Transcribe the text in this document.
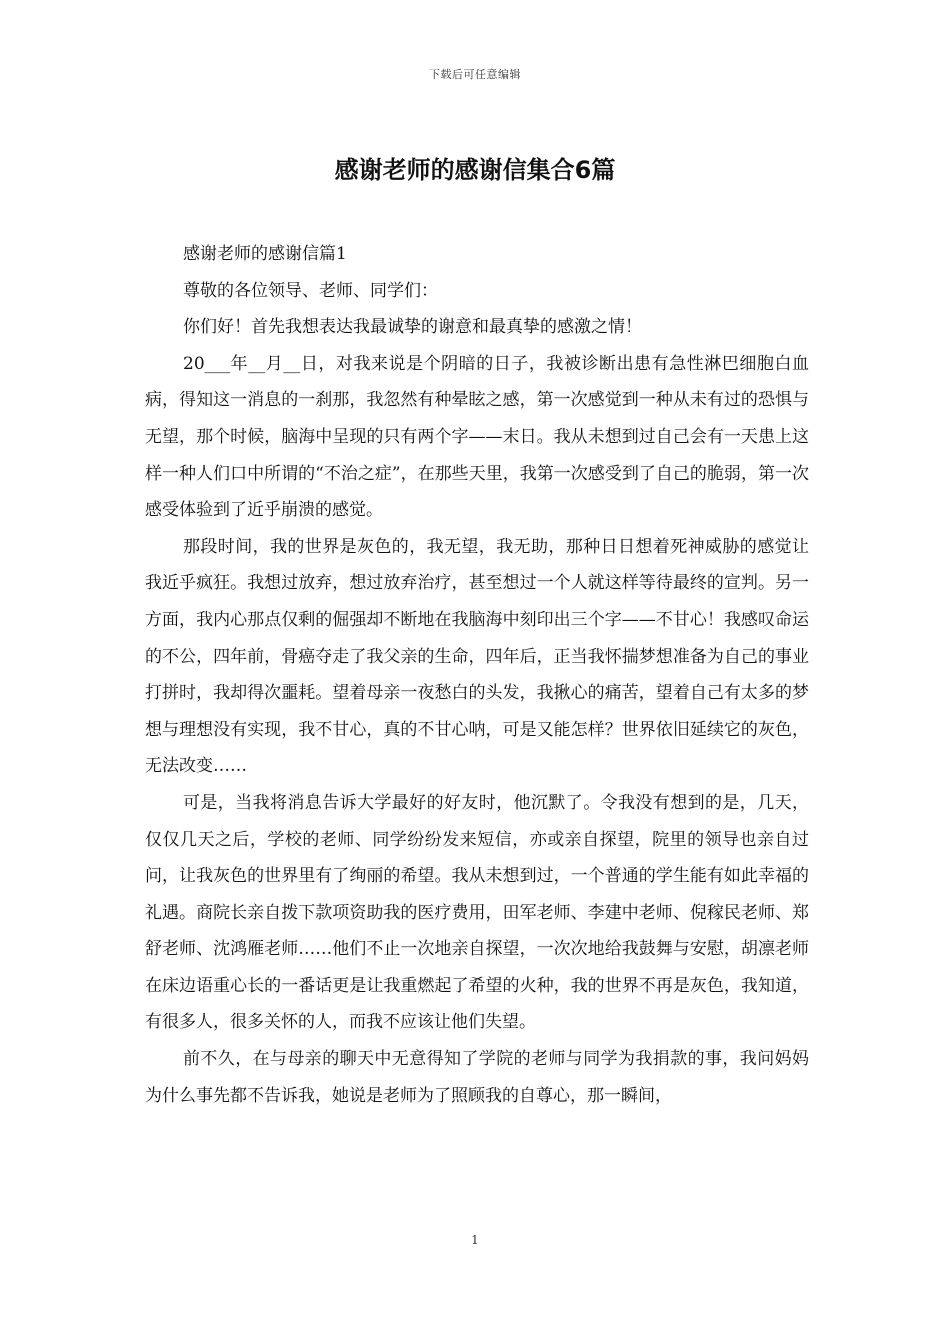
下载后可任意编辑
感谢老师的感谢信集合6篇

感谢老师的感谢信篇1

尊敬的各位领导、老师、同学们：

你们好！首先我想表达我最诚挚的谢意和最真挚的感激之情！

20___年__月__日，对我来说是个阴暗的日子，我被诊断出患有急性淋巴细胞白血病，得知这一消息的一刹那，我忽然有种晕眩之感，第一次感觉到一种从未有过的恐惧与无望，那个时候，脑海中呈现的只有两个字——末日。我从未想到过自己会有一天患上这样一种人们口中所谓的“不治之症”，在那些天里，我第一次感受到了自己的脆弱，第一次感受体验到了近乎崩溃的感觉。

那段时间，我的世界是灰色的，我无望，我无助，那种日日想着死神威胁的感觉让我近乎疯狂。我想过放弃，想过放弃治疗，甚至想过一个人就这样等待最终的宣判。另一方面，我内心那点仅剩的倔强却不断地在我脑海中刻印出三个字——不甘心！我感叹命运的不公，四年前，骨癌夺走了我父亲的生命，四年后，正当我怀揣梦想准备为自己的事业打拼时，我却得次噩耗。望着母亲一夜愁白的头发，我揪心的痛苦，望着自己有太多的梦想与理想没有实现，我不甘心，真的不甘心呐，可是又能怎样？世界依旧延续它的灰色，无法改变……

可是，当我将消息告诉大学最好的好友时，他沉默了。令我没有想到的是，几天，仅仅几天之后，学校的老师、同学纷纷发来短信，亦或亲自探望，院里的领导也亲自过问，让我灰色的世界里有了绚丽的希望。我从未想到过，一个普通的学生能有如此幸福的礼遇。商院长亲自拨下款项资助我的医疗费用，田军老师、李建中老师、倪稼民老师、郑舒老师、沈鸿雁老师……他们不止一次地亲自探望，一次次地给我鼓舞与安慰，胡凛老师在床边语重心长的一番话更是让我重燃起了希望的火种，我的世界不再是灰色，我知道，有很多人，很多关怀的人，而我不应该让他们失望。

前不久，在与母亲的聊天中无意得知了学院的老师与同学为我捐款的事，我问妈妈为什么事先都不告诉我，她说是老师为了照顾我的自尊心，那一瞬间，

1
